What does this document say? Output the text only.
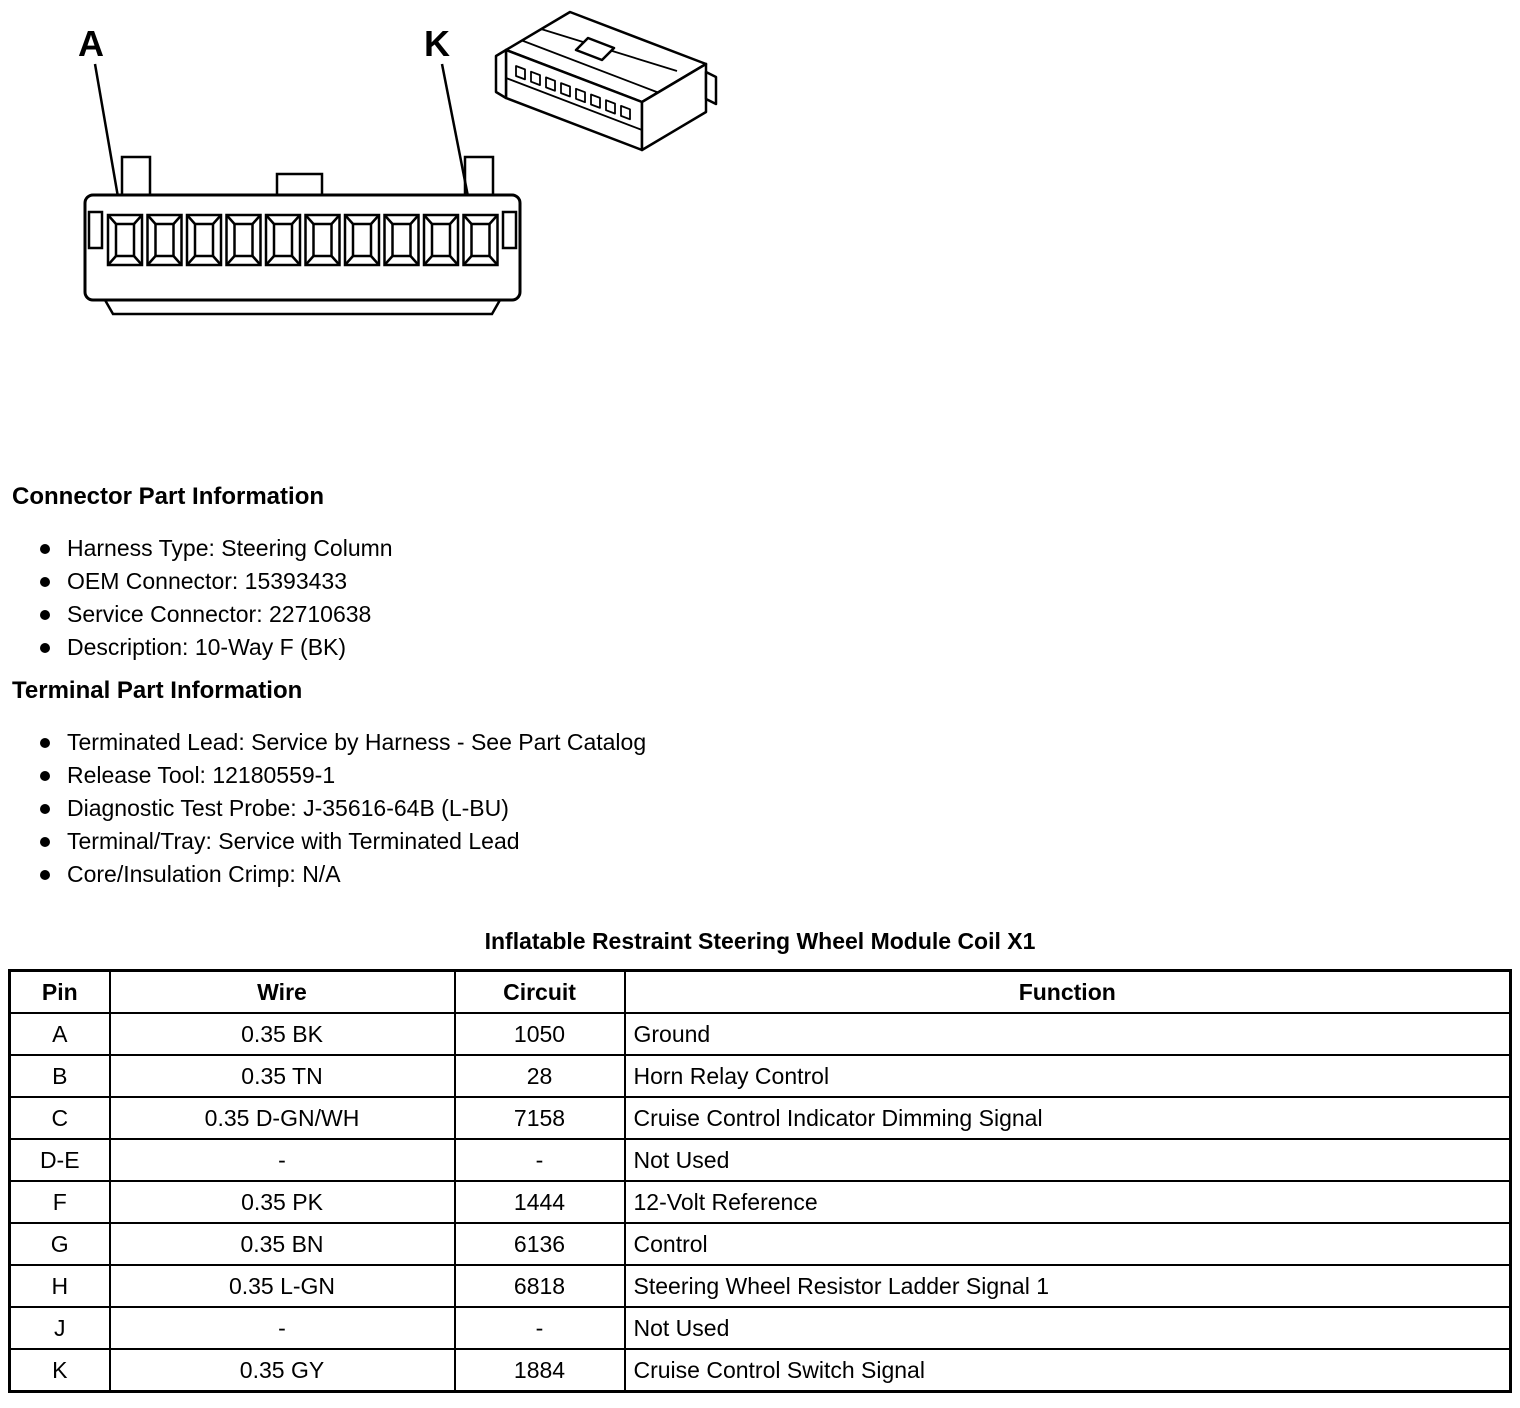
A	K
Connector Part Information
Harness Type: Steering Column
OEM Connector: 15393433
Service Connector: 22710638
Description: 10-Way F (BK)
Terminal Part Information
Terminated Lead: Service by Harness - See Part Catalog
Release Tool: 12180559-1
Diagnostic Test Probe: J-35616-64B (L-BU)
Terminal/Tray: Service with Terminated Lead
Core/Insulation Crimp: N/A
Inflatable Restraint Steering Wheel Module Coil X1
Pin	Wire	Circuit	Function
A	0.35 BK	1050	Ground
B	0.35 TN	28	Horn Relay Control
C	0.35 D-GN/WH	7158	Cruise Control Indicator Dimming Signal
D-E	-	-	Not Used
F	0.35 PK	1444	12-Volt Reference
G	0.35 BN	6136	Control
H	0.35 L-GN	6818	Steering Wheel Resistor Ladder Signal 1
J	-	-	Not Used
K	0.35 GY	1884	Cruise Control Switch Signal
